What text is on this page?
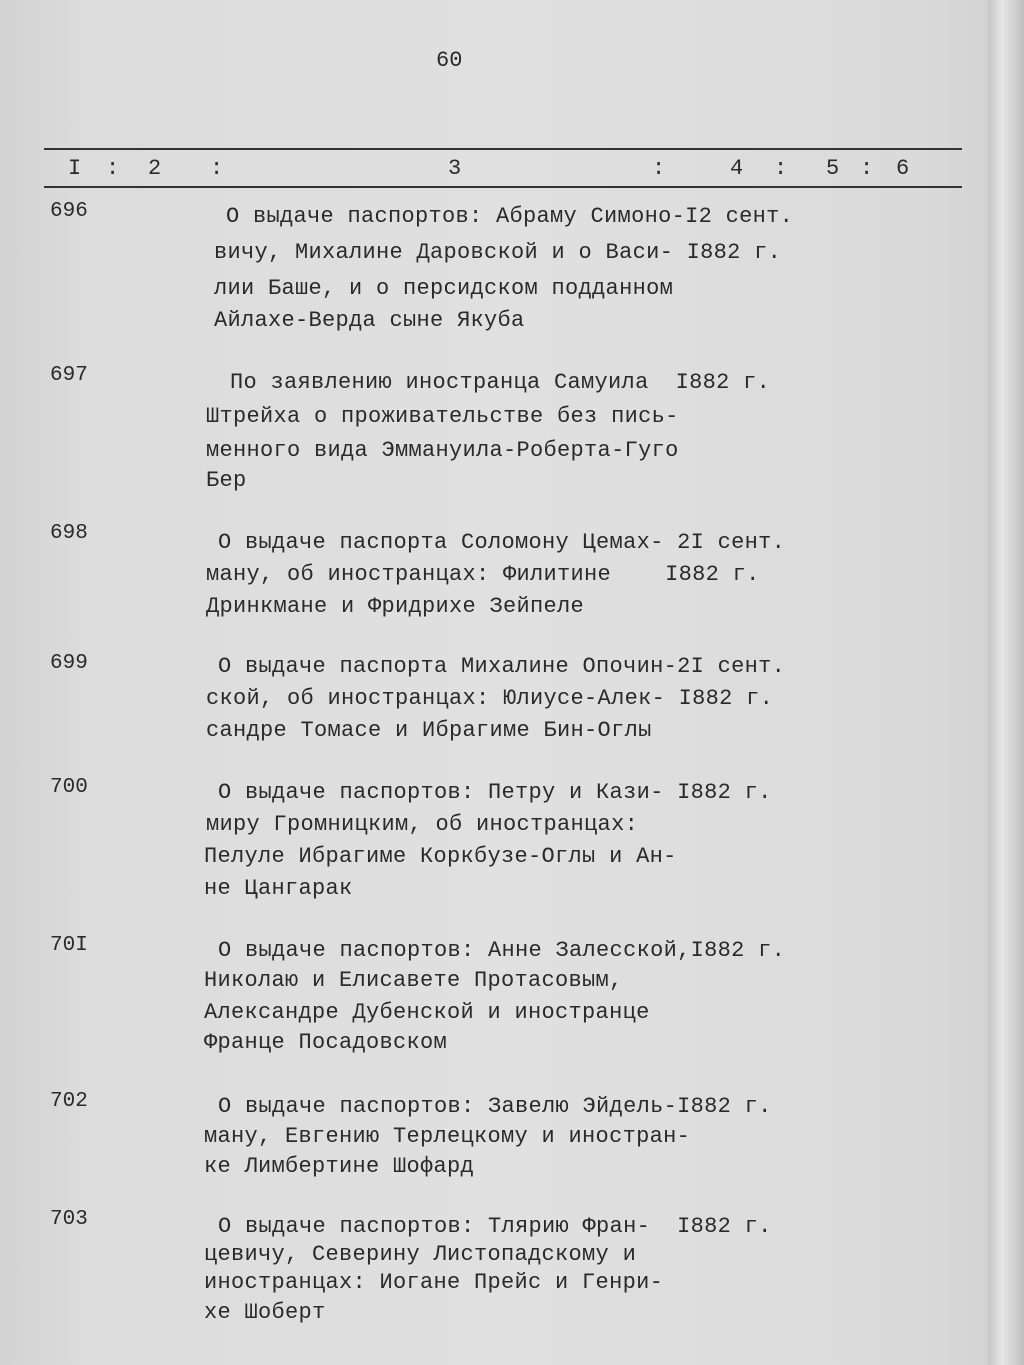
60
I : 2 :	3	:	4 : 5 : 6
696	О выдаче паспортов: Абраму Симоно-I2 сент.
вичу, Михалине Даровской и о Васи- I882 г.
лии Баше, и о персидском подданном
Айлахе-Верда сыне Якуба
697	По заявлению иностранца Самуила  I882 г.
Штрейха о проживательстве без пись-
менного вида Эммануила-Роберта-Гуго
Бер
698	О выдаче паспорта Соломону Цемах- 2I сент.
ману, об иностранцах: Филитине    I882 г.
Дринкмане и Фридрихе Зейпеле
699	О выдаче паспорта Михалине Опочин-2I сент.
ской, об иностранцах: Юлиусе-Алек- I882 г.
сандре Томасе и Ибрагиме Бин-Оглы
700	О выдаче паспортов: Петру и Кази- I882 г.
миру Громницким, об иностранцах:
Пелуле Ибрагиме Коркбузе-Оглы и Ан-
не Цангарак
70I	О выдаче паспортов: Анне Залесской,I882 г.
Николаю и Елисавете Протасовым,
Александре Дубенской и иностранце
Франце Посадовском
702	О выдаче паспортов: Завелю Эйдель-I882 г.
ману, Евгению Терлецкому и иностран-
ке Лимбертине Шофард
703	О выдаче паспортов: Тлярию Фран-  I882 г.
цевичу, Северину Листопадскому и
иностранцах: Иогане Прейс и Генри-
хе Шоберт
